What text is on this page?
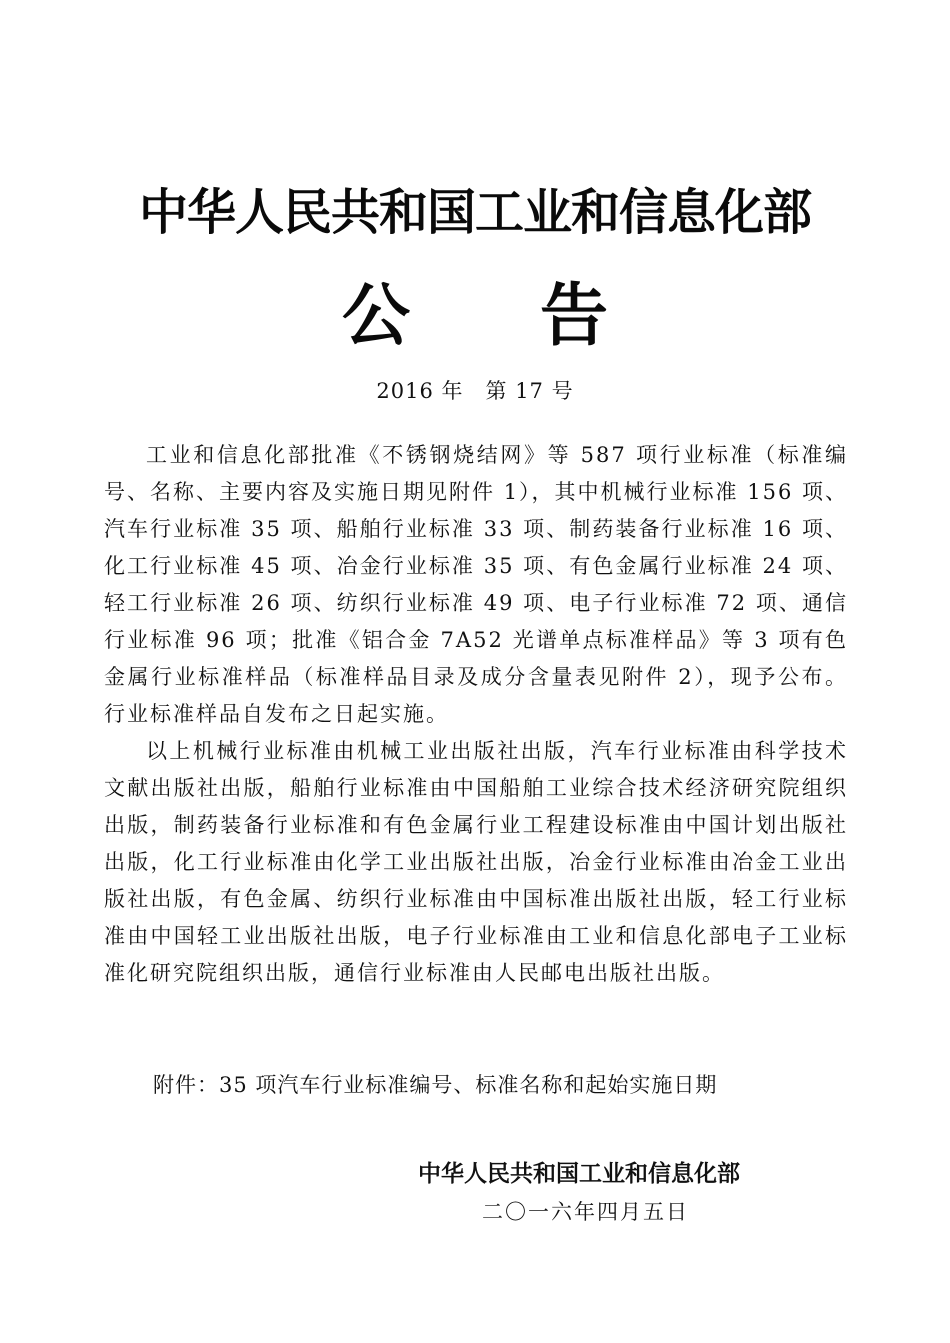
中华人民共和国工业和信息化部
公 告
2016 年 第 17 号

工业和信息化部批准《不锈钢烧结网》等 587 项行业标准（标准编号、名称、主要内容及实施日期见附件 1），其中机械行业标准 156 项、汽车行业标准 35 项、船舶行业标准 33 项、制药装备行业标准 16 项、化工行业标准 45 项、冶金行业标准 35 项、有色金属行业标准 24 项、轻工行业标准 26 项、纺织行业标准 49 项、电子行业标准 72 项、通信行业标准 96 项；批准《铝合金 7A52 光谱单点标准样品》等 3 项有色金属行业标准样品（标准样品目录及成分含量表见附件 2），现予公布。行业标准样品自发布之日起实施。

以上机械行业标准由机械工业出版社出版，汽车行业标准由科学技术文献出版社出版，船舶行业标准由中国船舶工业综合技术经济研究院组织出版，制药装备行业标准和有色金属行业工程建设标准由中国计划出版社出版，化工行业标准由化学工业出版社出版，冶金行业标准由冶金工业出版社出版，有色金属、纺织行业标准由中国标准出版社出版，轻工行业标准由中国轻工业出版社出版，电子行业标准由工业和信息化部电子工业标准化研究院组织出版，通信行业标准由人民邮电出版社出版。

附件：35 项汽车行业标准编号、标准名称和起始实施日期
中华人民共和国工业和信息化部
二〇一六年四月五日
